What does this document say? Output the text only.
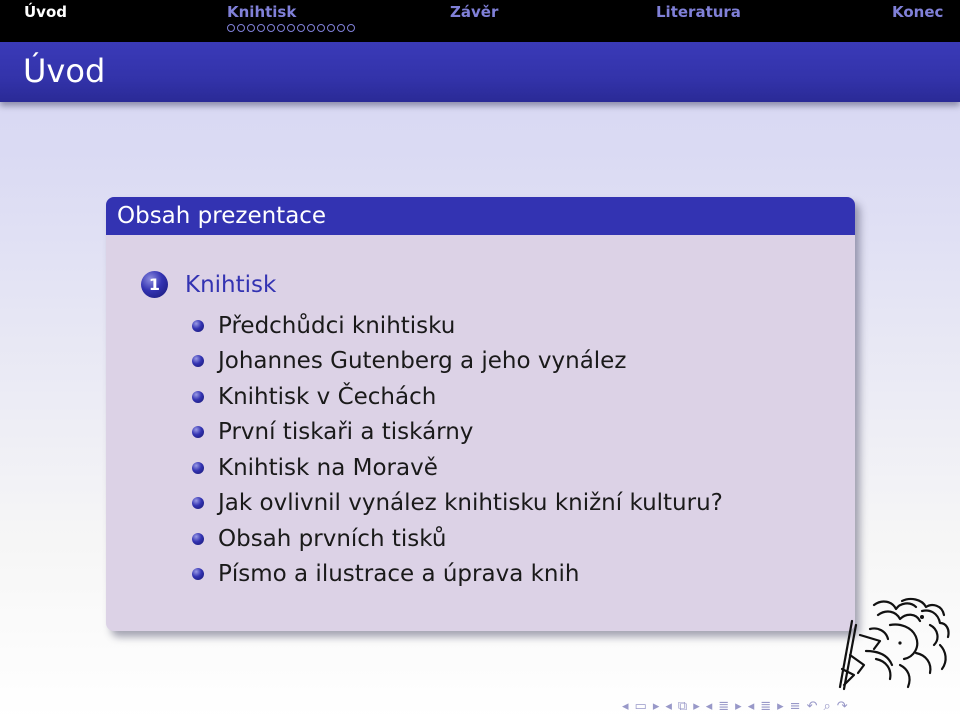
Úvod	Knihtisk	Závěr	Literatura	Konec
Úvod
Obsah prezentace
1	Knihtisk
Předchůdci knihtisku
Johannes Gutenberg a jeho vynález
Knihtisk v Čechách
První tiskaři a tiskárny
Knihtisk na Moravě
Jak ovlivnil vynález knihtisku knižní kulturu?
Obsah prvních tisků
Písmo a ilustrace a úprava knih
◂ ▭ ▸ ◂ ⧉ ▸ ◂ ≣ ▸ ◂ ≣ ▸ ≡ ↶ ⌕ ↷
